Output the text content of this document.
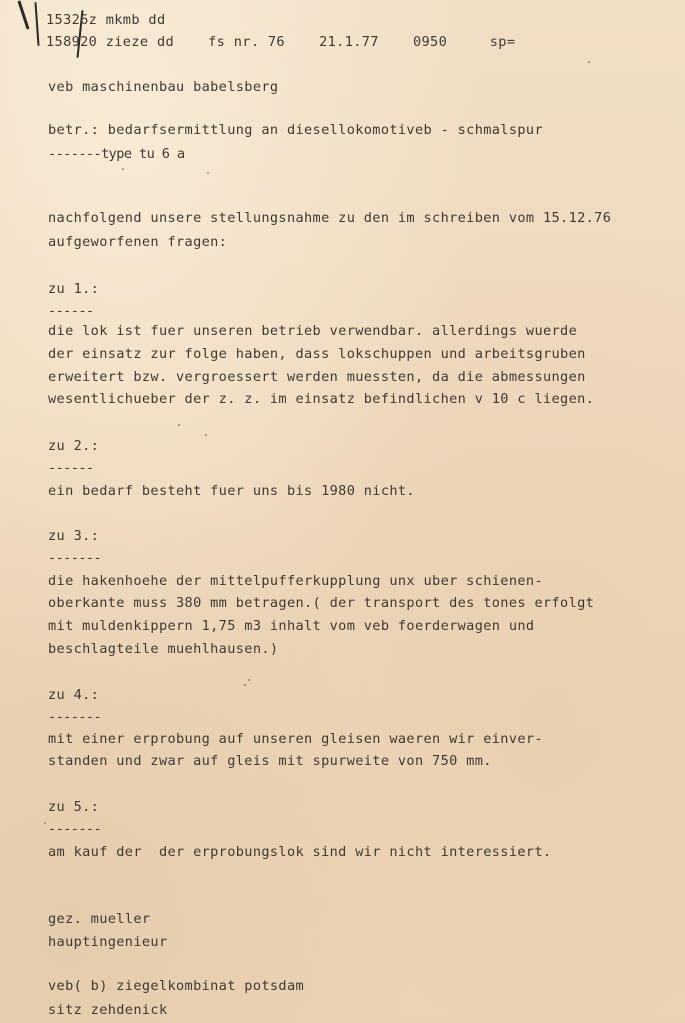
15326z mkmb dd

158920 zieze dd    fs nr. 76    21.1.77    0950     sp=

veb maschinenbau babelsberg

betr.: bedarfsermittlung an diesellokomotiveb - schmalspur

-------type tu 6 a

nachfolgend unsere stellungsnahme zu den im schreiben vom 15.12.76

aufgeworfenen fragen:

zu 1.:

------

die lok ist fuer unseren betrieb verwendbar. allerdings wuerde

der einsatz zur folge haben, dass lokschuppen und arbeitsgruben

erweitert bzw. vergroessert werden muessten, da die abmessungen

wesentlichueber der z. z. im einsatz befindlichen v 10 c liegen.

zu 2.:

------

ein bedarf besteht fuer uns bis 1980 nicht.

zu 3.:

-------

die hakenhoehe der mittelpufferkupplung unx uber schienen-

oberkante muss 380 mm betragen.( der transport des tones erfolgt

mit muldenkippern 1,75 m3 inhalt vom veb foerderwagen und

beschlagteile muehlhausen.)

zu 4.:

-------

mit einer erprobung auf unseren gleisen waeren wir einver-

standen und zwar auf gleis mit spurweite von 750 mm.

zu 5.:

-------

am kauf der  der erprobungslok sind wir nicht interessiert.

gez. mueller

hauptingenieur

veb( b) ziegelkombinat potsdam

sitz zehdenick
